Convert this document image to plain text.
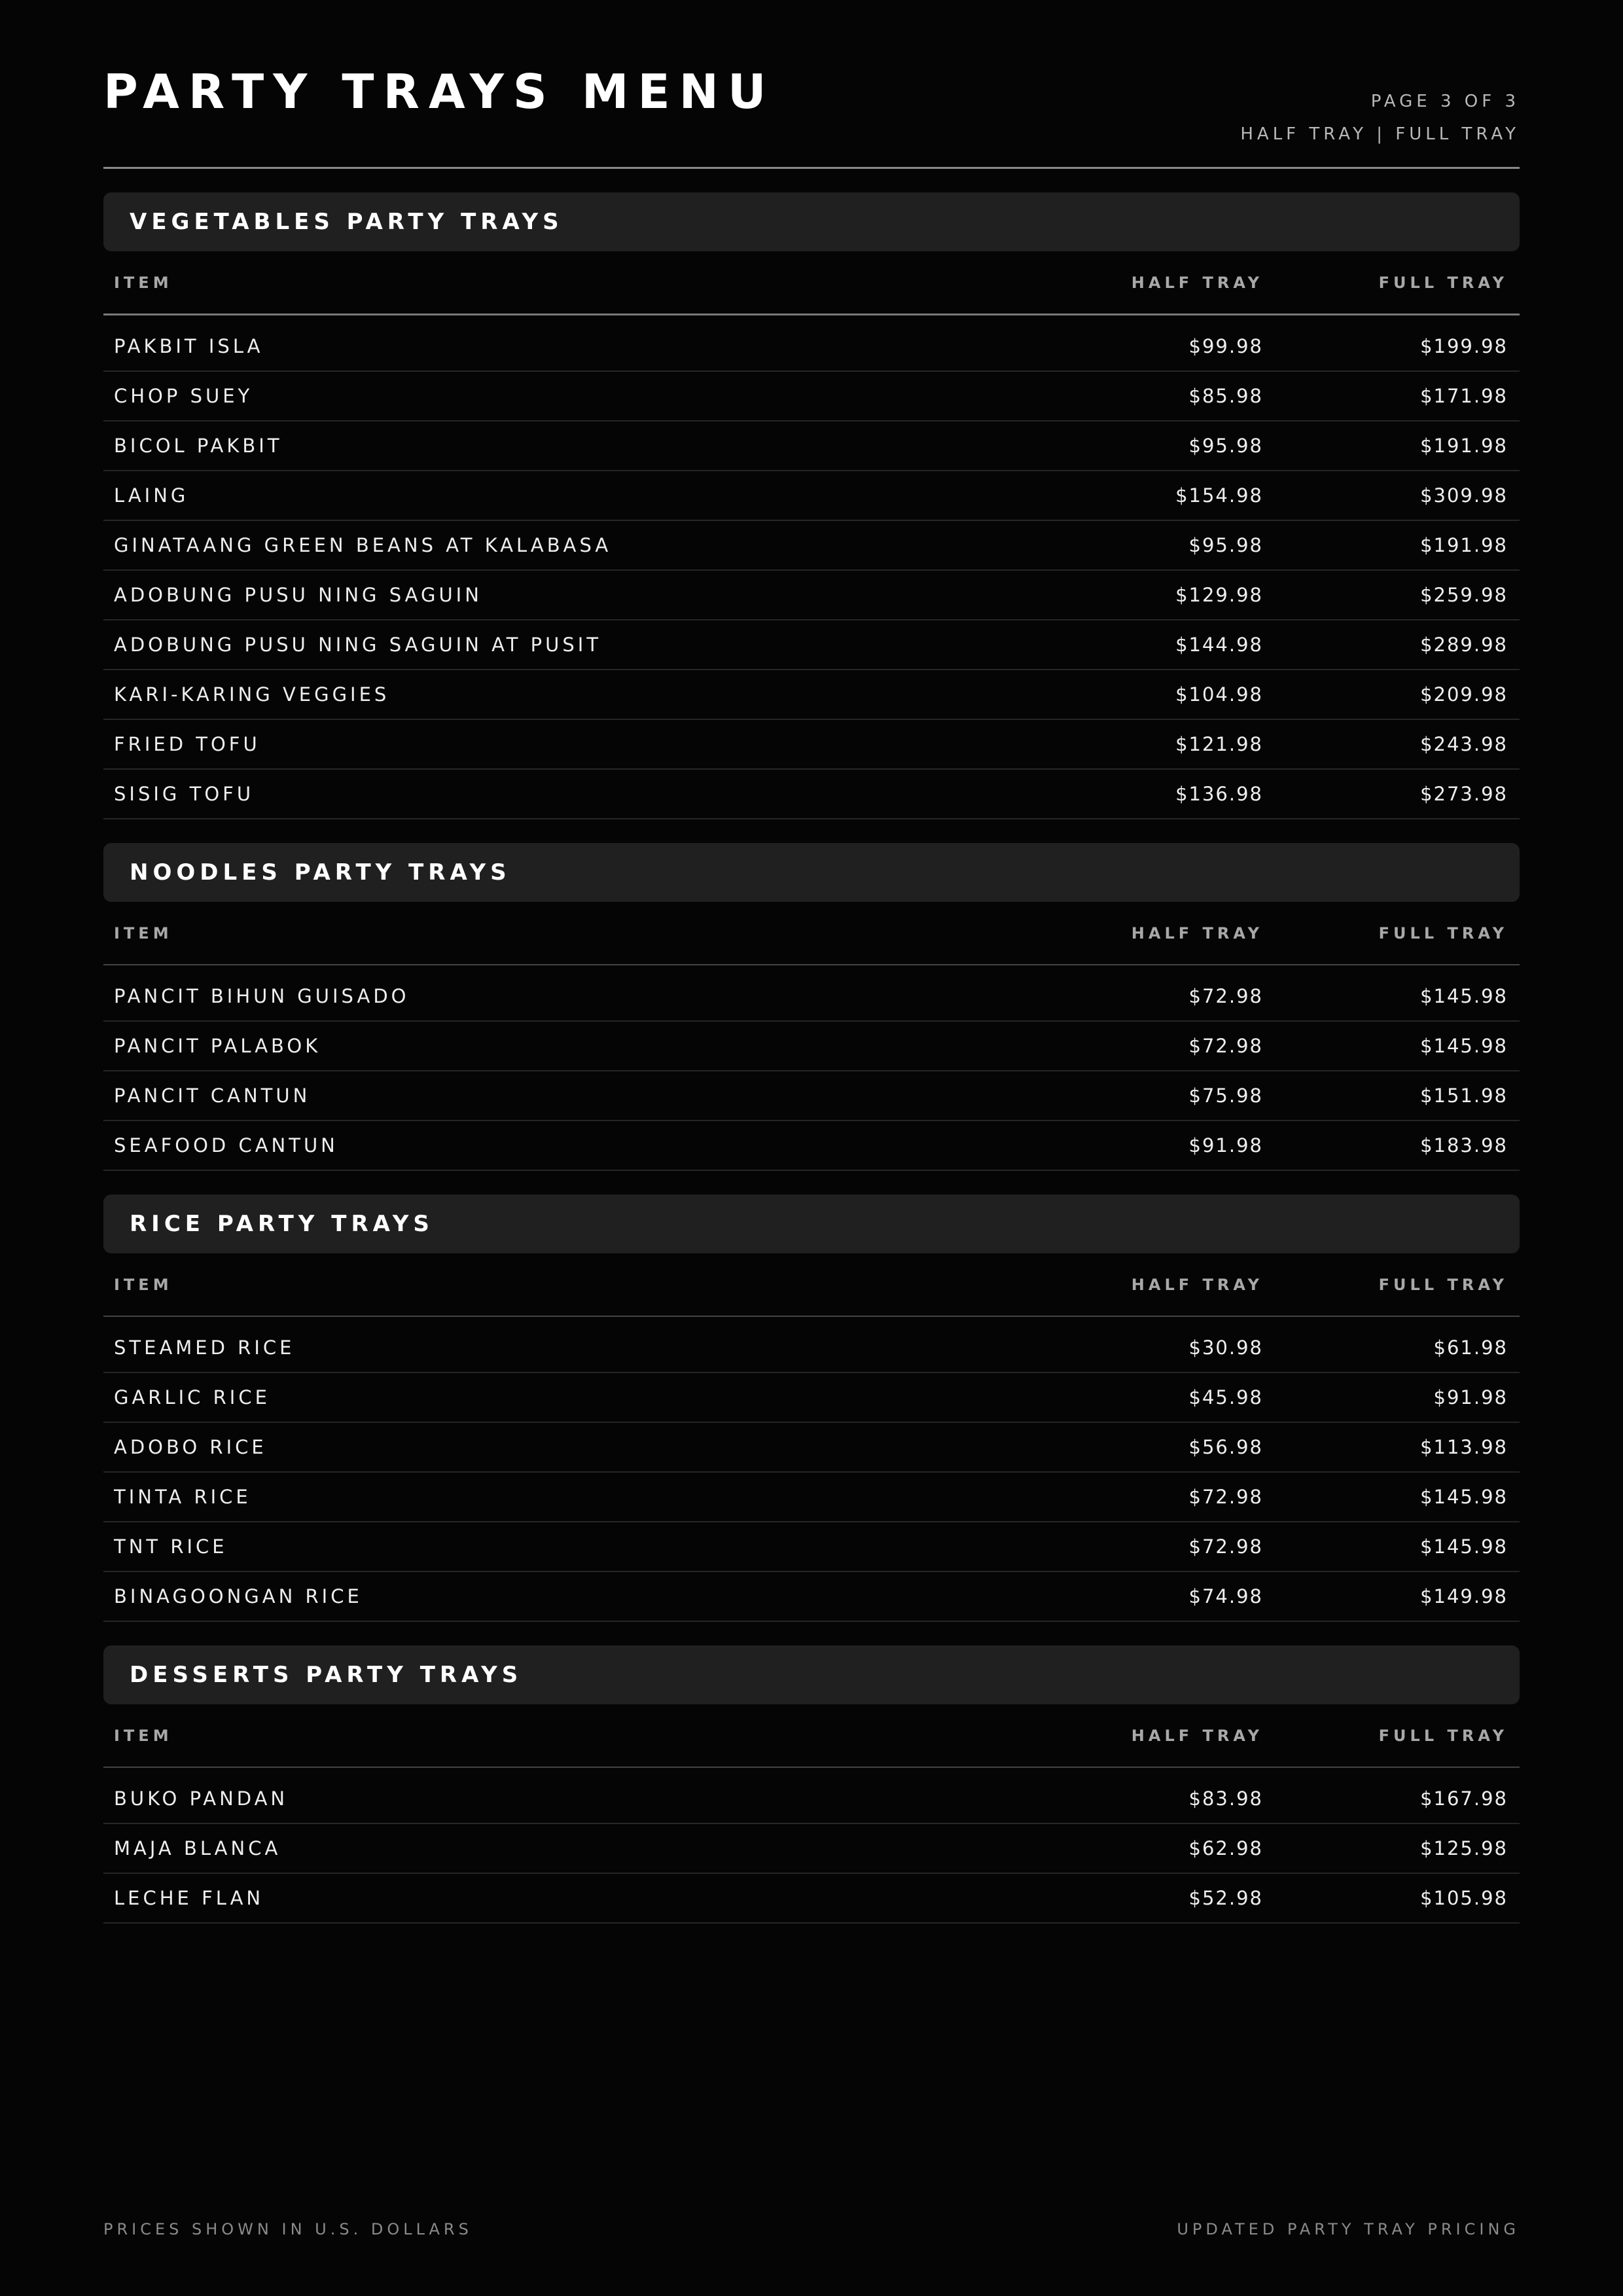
PARTY TRAYS MENU	PAGE 3 OF 3
HALF TRAY | FULL TRAY
VEGETABLES PARTY TRAYS
ITEM	HALF TRAY	FULL TRAY
PAKBIT ISLA	$99.98	$199.98
CHOP SUEY	$85.98	$171.98
BICOL PAKBIT	$95.98	$191.98
LAING	$154.98	$309.98
GINATAANG GREEN BEANS AT KALABASA	$95.98	$191.98
ADOBUNG PUSU NING SAGUIN	$129.98	$259.98
ADOBUNG PUSU NING SAGUIN AT PUSIT	$144.98	$289.98
KARI-KARING VEGGIES	$104.98	$209.98
FRIED TOFU	$121.98	$243.98
SISIG TOFU	$136.98	$273.98
NOODLES PARTY TRAYS
ITEM	HALF TRAY	FULL TRAY
PANCIT BIHUN GUISADO	$72.98	$145.98
PANCIT PALABOK	$72.98	$145.98
PANCIT CANTUN	$75.98	$151.98
SEAFOOD CANTUN	$91.98	$183.98
RICE PARTY TRAYS
ITEM	HALF TRAY	FULL TRAY
STEAMED RICE	$30.98	$61.98
GARLIC RICE	$45.98	$91.98
ADOBO RICE	$56.98	$113.98
TINTA RICE	$72.98	$145.98
TNT RICE	$72.98	$145.98
BINAGOONGAN RICE	$74.98	$149.98
DESSERTS PARTY TRAYS
ITEM	HALF TRAY	FULL TRAY
BUKO PANDAN	$83.98	$167.98
MAJA BLANCA	$62.98	$125.98
LECHE FLAN	$52.98	$105.98
PRICES SHOWN IN U.S. DOLLARS	UPDATED PARTY TRAY PRICING
